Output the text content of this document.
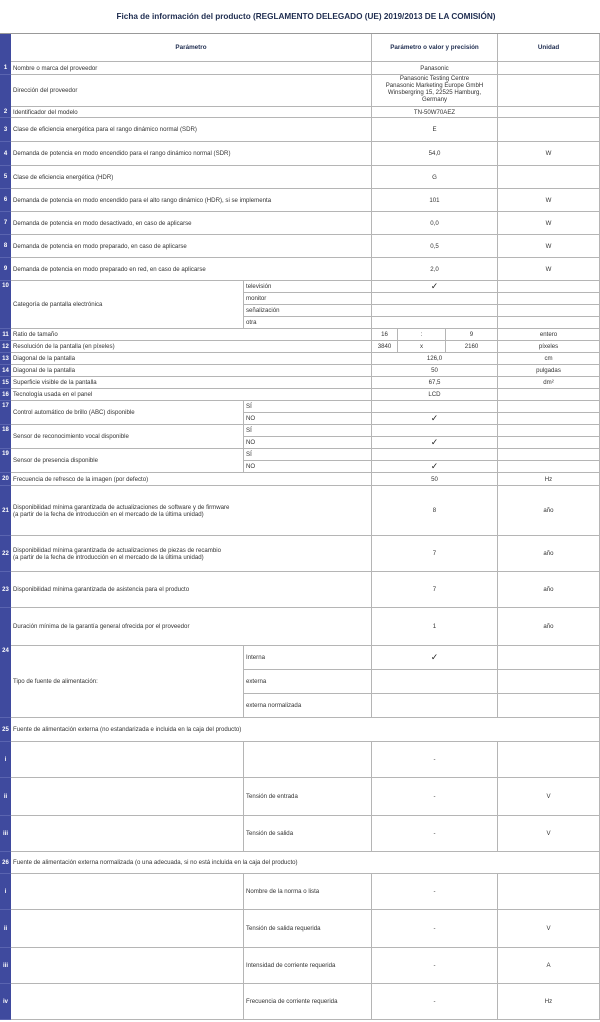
Ficha de información del producto (REGLAMENTO DELEGADO (UE) 2019/2013 DE LA COMISIÓN)
Parámetro	Parámetro o valor y precisión	Unidad
1 Nombre o marca del proveedor	Panasonic
Dirección del proveedor
Panasonic Testing Centre
Panasonic Marketing Europe GmbH
Winsbergring 15, 22525 Hamburg,
Germany
2 Identificador del modelo	TN-50W70AEZ
3 Clase de eficiencia energética para el rango dinámico normal (SDR)	E
4 Demanda de potencia en modo encendido para el rango dinámico normal (SDR)	54,0	W
5 Clase de eficiencia energética (HDR)	G
6 Demanda de potencia en modo encendido para el alto rango dinámico (HDR), si se implementa	101	W
7 Demanda de potencia en modo desactivado, en caso de aplicarse	0,0	W
8 Demanda de potencia en modo preparado, en caso de aplicarse	0,5	W
9 Demanda de potencia en modo preparado en red, en caso de aplicarse	2,0	W
10
Categoría de pantalla electrónica
televisión	✓
monitor
señalización
otra
11 Ratio de tamaño	16	:	9	entero
12 Resolución de la pantalla (en píxeles)	3840	x	2160	píxeles
13 Diagonal de la pantalla	126,0	cm
14 Diagonal de la pantalla	50	pulgadas
15 Superficie visible de la pantalla	67,5	dm²
16 Tecnología usada en el panel	LCD
17
Control automático de brillo (ABC) disponible
SÍ
NO	✓
18
Sensor de reconocimiento vocal disponible
SÍ
NO	✓
19
Sensor de presencia disponible
SÍ
NO	✓
20 Frecuencia de refresco de la imagen (por defecto)	50	Hz
21 Disponibilidad mínima garantizada de actualizaciones de software y de firmware
(a partir de la fecha de introducción en el mercado de la última unidad)	8	año
22 Disponibilidad mínima garantizada de actualizaciones de piezas de recambio
(a partir de la fecha de introducción en el mercado de la última unidad)	7	año
23 Disponibilidad mínima garantizada de asistencia para el producto	7	año
Duración mínima de la garantía general ofrecida por el proveedor	1	año
24
Tipo de fuente de alimentación:
Interna	✓
externa
externa normalizada
25 Fuente de alimentación externa (no estandarizada e incluida en la caja del producto)
i	-
ii	Tensión de entrada	-	V
iii	Tensión de salida	-	V
26 Fuente de alimentación externa normalizada (o una adecuada, si no está incluida en la caja del producto)
i	Nombre de la norma o lista	-
ii	Tensión de salida requerida	-	V
iii	Intensidad de corriente requerida	-	A
iv	Frecuencia de corriente requerida	-	Hz
